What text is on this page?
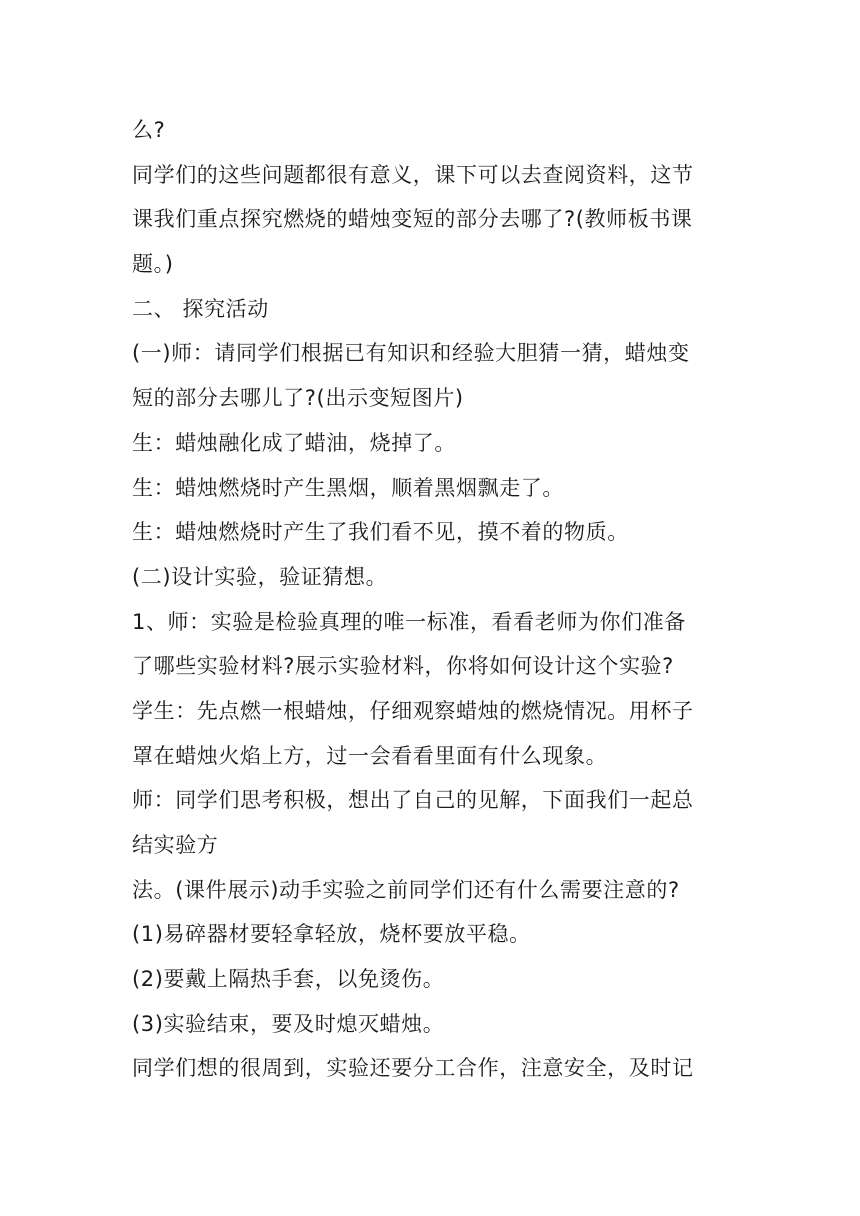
么?
同学们的这些问题都很有意义，课下可以去查阅资料，这节
课我们重点探究燃烧的蜡烛变短的部分去哪了?(教师板书课
题。)
二、 探究活动
(一)师：请同学们根据已有知识和经验大胆猜一猜，蜡烛变
短的部分去哪儿了?(出示变短图片)
生：蜡烛融化成了蜡油，烧掉了。
生：蜡烛燃烧时产生黑烟，顺着黑烟飘走了。
生：蜡烛燃烧时产生了我们看不见，摸不着的物质。
(二)设计实验，验证猜想。
1、师：实验是检验真理的唯一标准，看看老师为你们准备
了哪些实验材料?展示实验材料，你将如何设计这个实验?
学生：先点燃一根蜡烛，仔细观察蜡烛的燃烧情况。用杯子
罩在蜡烛火焰上方，过一会看看里面有什么现象。
师：同学们思考积极，想出了自己的见解，下面我们一起总
结实验方
法。(课件展示)动手实验之前同学们还有什么需要注意的?
(1)易碎器材要轻拿轻放，烧杯要放平稳。
(2)要戴上隔热手套，以免烫伤。
(3)实验结束，要及时熄灭蜡烛。
同学们想的很周到，实验还要分工合作，注意安全，及时记
